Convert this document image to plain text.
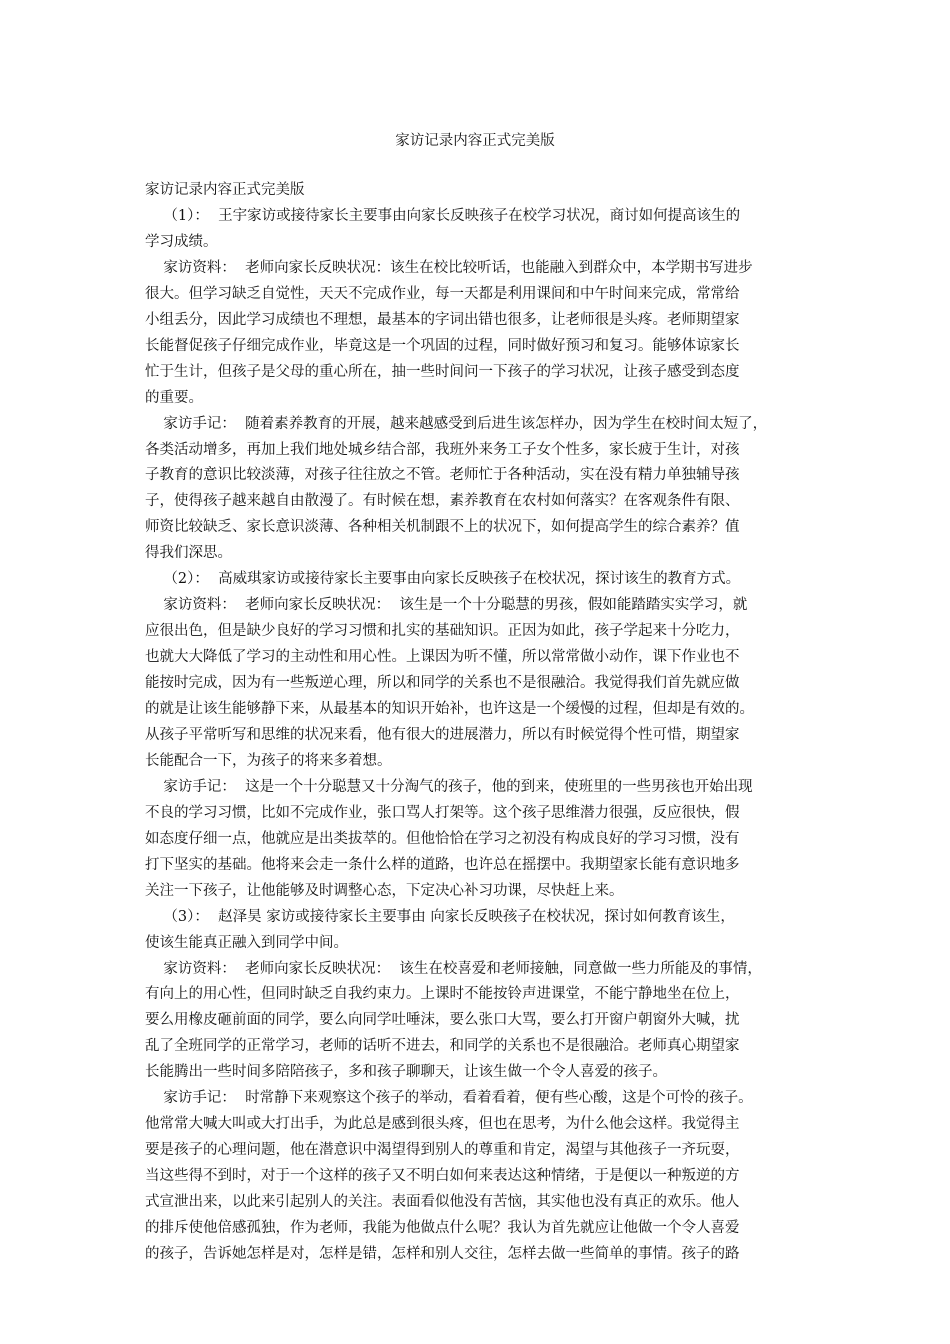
家访记录内容正式完美版
家访记录内容正式完美版
（1）：  王宇家访或接待家长主要事由向家长反映孩子在校学习状况，商讨如何提高该生的
学习成绩。
家访资料：  老师向家长反映状况：该生在校比较听话，也能融入到群众中，本学期书写进步
很大。但学习缺乏自觉性，天天不完成作业，每一天都是利用课间和中午时间来完成，常常给
小组丢分，因此学习成绩也不理想，最基本的字词出错也很多，让老师很是头疼。老师期望家
长能督促孩子仔细完成作业，毕竟这是一个巩固的过程，同时做好预习和复习。能够体谅家长
忙于生计，但孩子是父母的重心所在，抽一些时间问一下孩子的学习状况，让孩子感受到态度
的重要。
家访手记：  随着素养教育的开展，越来越感受到后进生该怎样办，因为学生在校时间太短了，
各类活动增多，再加上我们地处城乡结合部，我班外来务工子女个性多，家长疲于生计，对孩
子教育的意识比较淡薄，对孩子往往放之不管。老师忙于各种活动，实在没有精力单独辅导孩
子，使得孩子越来越自由散漫了。有时候在想，素养教育在农村如何落实？在客观条件有限、
师资比较缺乏、家长意识淡薄、各种相关机制跟不上的状况下，如何提高学生的综合素养？值
得我们深思。
（2）：  高威琪家访或接待家长主要事由向家长反映孩子在校状况，探讨该生的教育方式。
家访资料：  老师向家长反映状况：  该生是一个十分聪慧的男孩，假如能踏踏实实学习，就
应很出色，但是缺少良好的学习习惯和扎实的基础知识。正因为如此，孩子学起来十分吃力，
也就大大降低了学习的主动性和用心性。上课因为听不懂，所以常常做小动作，课下作业也不
能按时完成，因为有一些叛逆心理，所以和同学的关系也不是很融洽。我觉得我们首先就应做
的就是让该生能够静下来，从最基本的知识开始补，也许这是一个缓慢的过程，但却是有效的。
从孩子平常听写和思维的状况来看，他有很大的进展潜力，所以有时候觉得个性可惜，期望家
长能配合一下，为孩子的将来多着想。
家访手记：  这是一个十分聪慧又十分淘气的孩子，他的到来，使班里的一些男孩也开始出现
不良的学习习惯，比如不完成作业，张口骂人打架等。这个孩子思维潜力很强，反应很快，假
如态度仔细一点，他就应是出类拔萃的。但他恰恰在学习之初没有构成良好的学习习惯，没有
打下坚实的基础。他将来会走一条什么样的道路，也许总在摇摆中。我期望家长能有意识地多
关注一下孩子，让他能够及时调整心态，下定决心补习功课，尽快赶上来。
（3）：  赵泽昊 家访或接待家长主要事由 向家长反映孩子在校状况，探讨如何教育该生，
使该生能真正融入到同学中间。
家访资料：  老师向家长反映状况：  该生在校喜爱和老师接触，同意做一些力所能及的事情，
有向上的用心性，但同时缺乏自我约束力。上课时不能按铃声进课堂，不能宁静地坐在位上，
要么用橡皮砸前面的同学，要么向同学吐唾沫，要么张口大骂，要么打开窗户朝窗外大喊，扰
乱了全班同学的正常学习，老师的话听不进去，和同学的关系也不是很融洽。老师真心期望家
长能腾出一些时间多陪陪孩子，多和孩子聊聊天，让该生做一个令人喜爱的孩子。
家访手记：  时常静下来观察这个孩子的举动，看着看着，便有些心酸，这是个可怜的孩子。
他常常大喊大叫或大打出手，为此总是感到很头疼，但也在思考，为什么他会这样。我觉得主
要是孩子的心理问题，他在潜意识中渴望得到别人的尊重和肯定，渴望与其他孩子一齐玩耍，
当这些得不到时，对于一个这样的孩子又不明白如何来表达这种情绪，于是便以一种叛逆的方
式宣泄出来，以此来引起别人的关注。表面看似他没有苦恼，其实他也没有真正的欢乐。他人
的排斥使他倍感孤独，作为老师，我能为他做点什么呢？我认为首先就应让他做一个令人喜爱
的孩子，告诉她怎样是对，怎样是错，怎样和别人交往，怎样去做一些简单的事情。孩子的路
